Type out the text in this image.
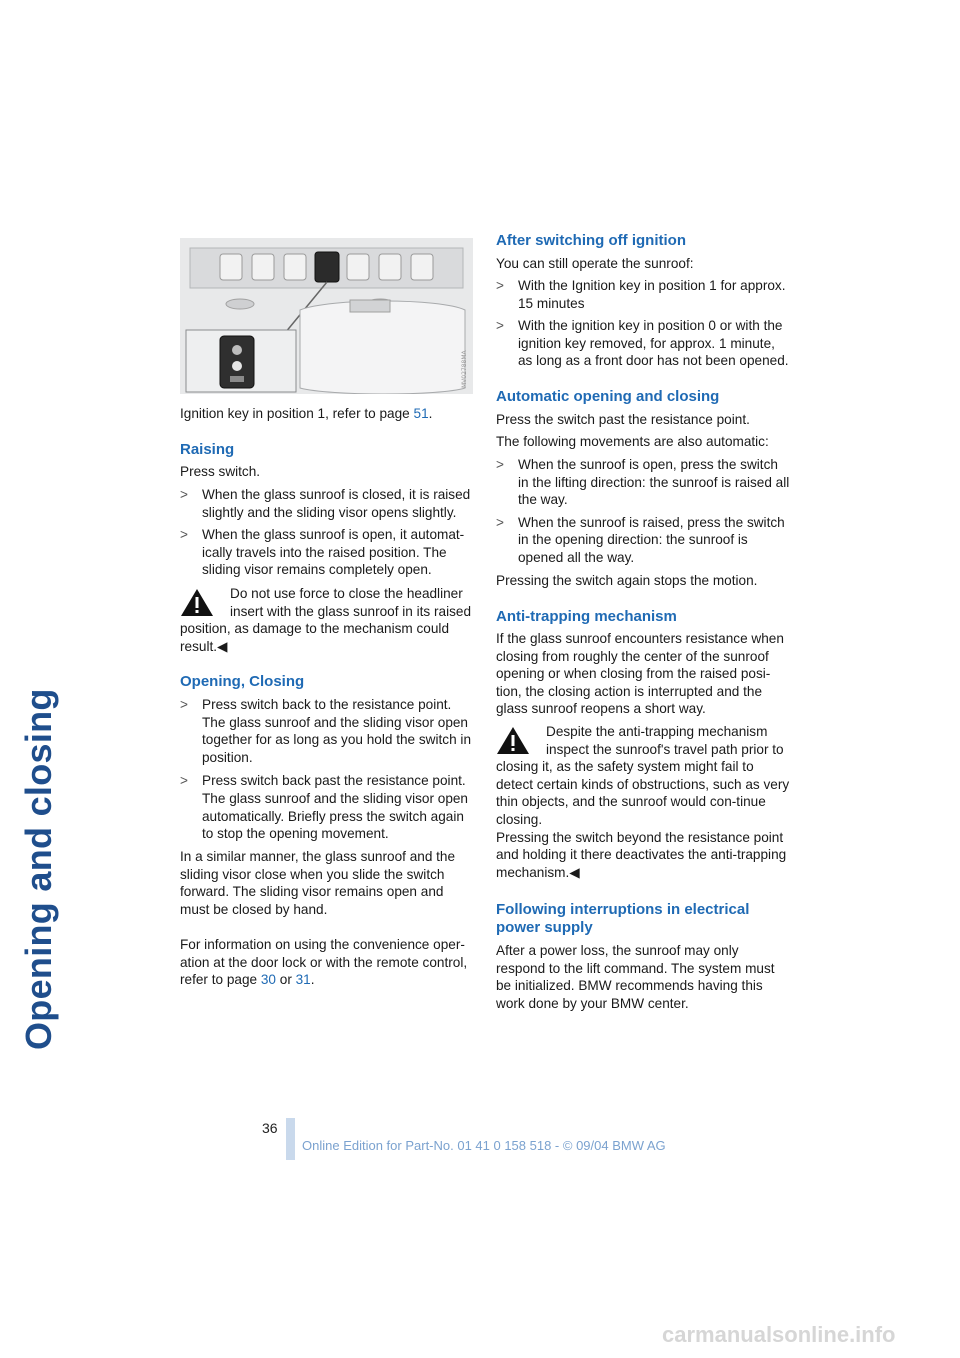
Opening and closing
MV02788MA

Ignition key in position 1, refer to page 51.

Raising

Press switch.

> When the glass sunroof is closed, it is raised slightly and the sliding visor opens slightly.
> When the glass sunroof is open, it automat-ically travels into the raised position. The sliding visor remains completely open.

Do not use force to close the headliner insert with the glass sunroof in its raised

position, as damage to the mechanism could result.◀

Opening, Closing
> Press switch back to the resistance point. The glass sunroof and the sliding visor open together for as long as you hold the switch in position.
> Press switch back past the resistance point. The glass sunroof and the sliding visor open automatically. Briefly press the switch again to stop the opening movement.

In a similar manner, the glass sunroof and the sliding visor close when you slide the switch forward. The sliding visor remains open and must be closed by hand.

For information on using the convenience oper-ation at the door lock or with the remote control, refer to page 30 or 31.

After switching off ignition

You can still operate the sunroof:

> With the Ignition key in position 1 for approx. 15 minutes
> With the ignition key in position 0 or with the ignition key removed, for approx. 1 minute, as long as a front door has not been opened.
Automatic opening and closing

Press the switch past the resistance point.

The following movements are also automatic:

> When the sunroof is open, press the switch in the lifting direction: the sunroof is raised all the way.
> When the sunroof is raised, press the switch in the opening direction: the sunroof is opened all the way.

Pressing the switch again stops the motion.

Anti-trapping mechanism

If the glass sunroof encounters resistance when closing from roughly the center of the sunroof opening or when closing from the raised posi-tion, the closing action is interrupted and the glass sunroof reopens a short way.

Despite the anti-trapping mechanism inspect the sunroof's travel path prior to

closing it, as the safety system might fail to detect certain kinds of obstructions, such as very thin objects, and the sunroof would con-tinue closing.

Pressing the switch beyond the resistance point and holding it there deactivates the anti-trapping mechanism.◀

Following interruptions in electrical power supply

After a power loss, the sunroof may only respond to the lift command. The system must be initialized. BMW recommends having this work done by your BMW center.

36
Online Edition for Part-No. 01 41 0 158 518 - © 09/04 BMW AG
carmanualsonline.info
